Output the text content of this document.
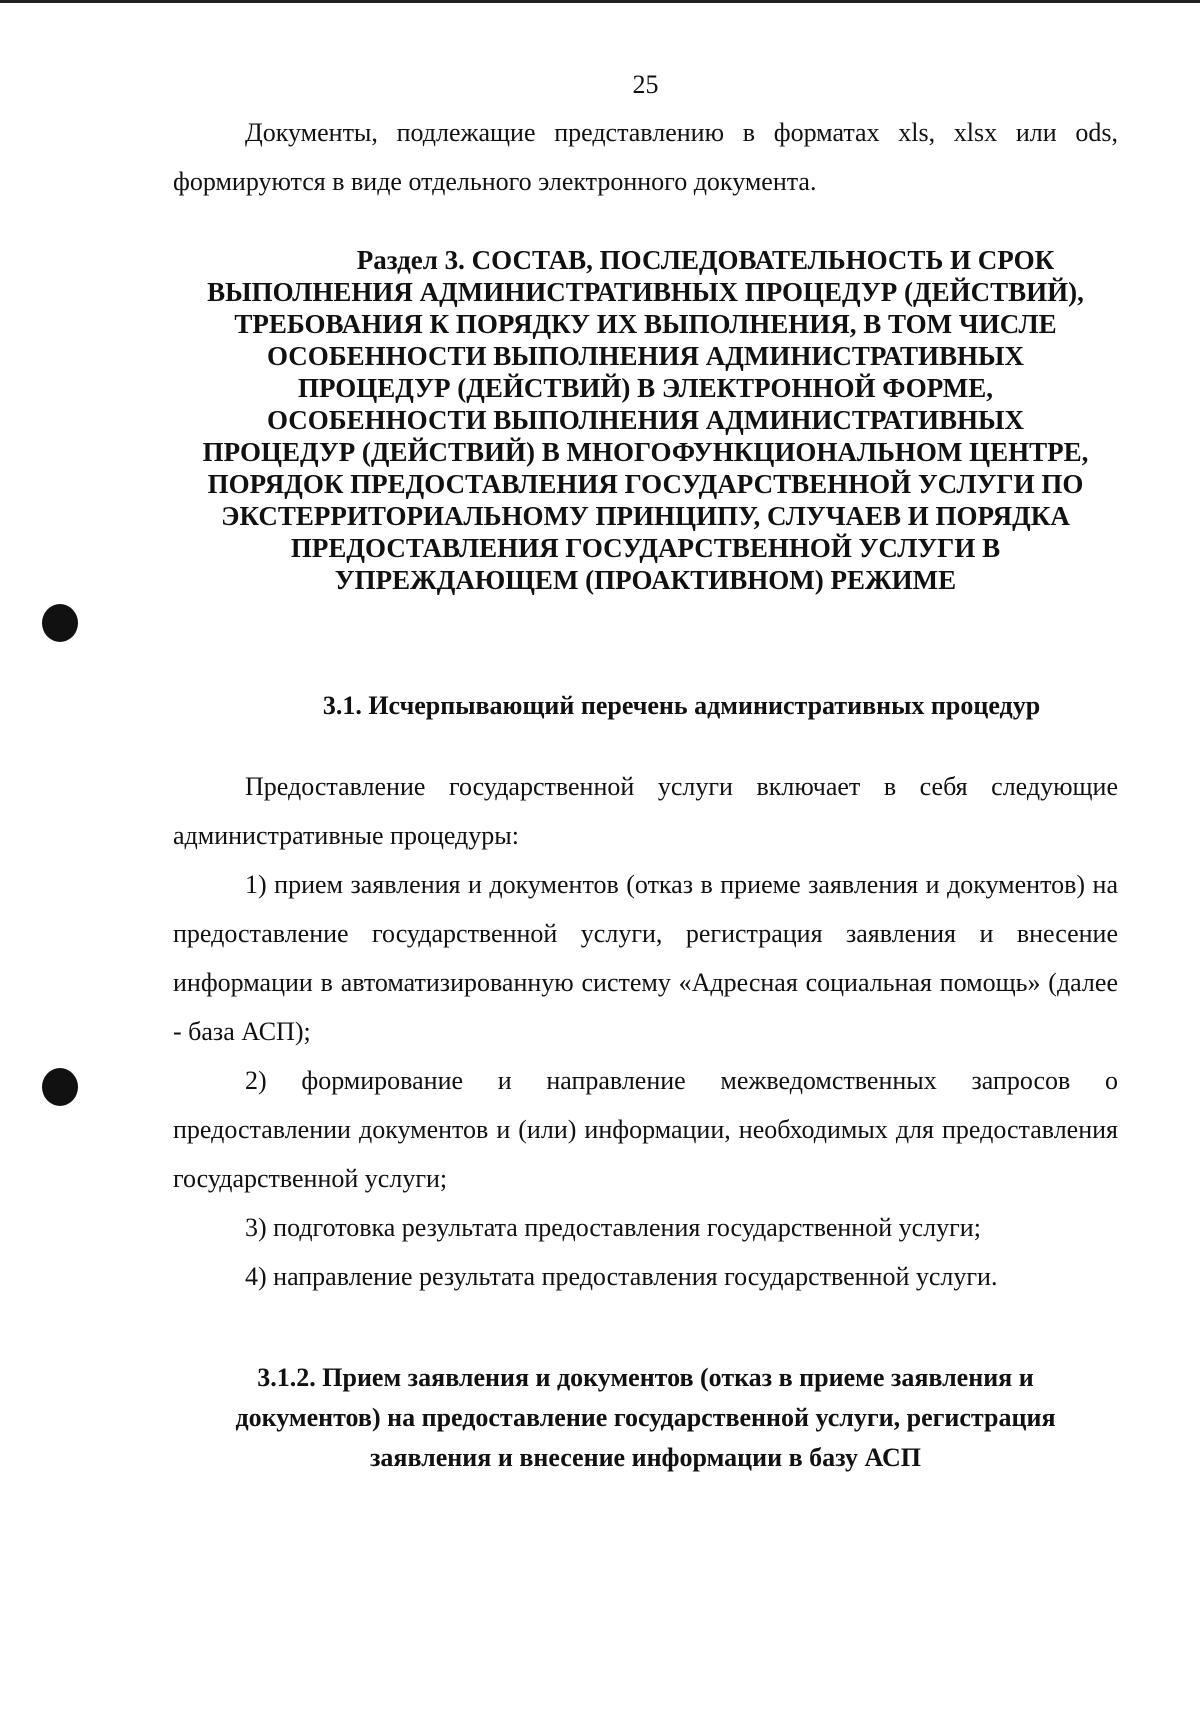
25

Документы, подлежащие представлению в форматах xls, xlsx или ods, формируются в виде отдельного электронного документа.

Раздел 3. СОСТАВ, ПОСЛЕДОВАТЕЛЬНОСТЬ И СРОК

ВЫПОЛНЕНИЯ АДМИНИСТРАТИВНЫХ ПРОЦЕДУР (ДЕЙСТВИЙ),

ТРЕБОВАНИЯ К ПОРЯДКУ ИХ ВЫПОЛНЕНИЯ, В ТОМ ЧИСЛЕ

ОСОБЕННОСТИ ВЫПОЛНЕНИЯ АДМИНИСТРАТИВНЫХ

ПРОЦЕДУР (ДЕЙСТВИЙ) В ЭЛЕКТРОННОЙ ФОРМЕ,

ОСОБЕННОСТИ ВЫПОЛНЕНИЯ АДМИНИСТРАТИВНЫХ

ПРОЦЕДУР (ДЕЙСТВИЙ) В МНОГОФУНКЦИОНАЛЬНОМ ЦЕНТРЕ,

ПОРЯДОК ПРЕДОСТАВЛЕНИЯ ГОСУДАРСТВЕННОЙ УСЛУГИ ПО

ЭКСТЕРРИТОРИАЛЬНОМУ ПРИНЦИПУ, СЛУЧАЕВ И ПОРЯДКА

ПРЕДОСТАВЛЕНИЯ ГОСУДАРСТВЕННОЙ УСЛУГИ В

УПРЕЖДАЮЩЕМ (ПРОАКТИВНОМ) РЕЖИМЕ

3.1. Исчерпывающий перечень административных процедур

Предоставление государственной услуги включает в себя следующие административные процедуры:

1) прием заявления и документов (отказ в приеме заявления и документов) на предоставление государственной услуги, регистрация заявления и внесение информации в автоматизированную систему «Адресная социальная помощь» (далее - база АСП);

2) формирование и направление межведомственных запросов о предоставлении документов и (или) информации, необходимых для предоставления государственной услуги;

3) подготовка результата предоставления государственной услуги;

4) направление результата предоставления государственной услуги.

3.1.2. Прием заявления и документов (отказ в приеме заявления и

документов) на предоставление государственной услуги, регистрация

заявления и внесение информации в базу АСП
